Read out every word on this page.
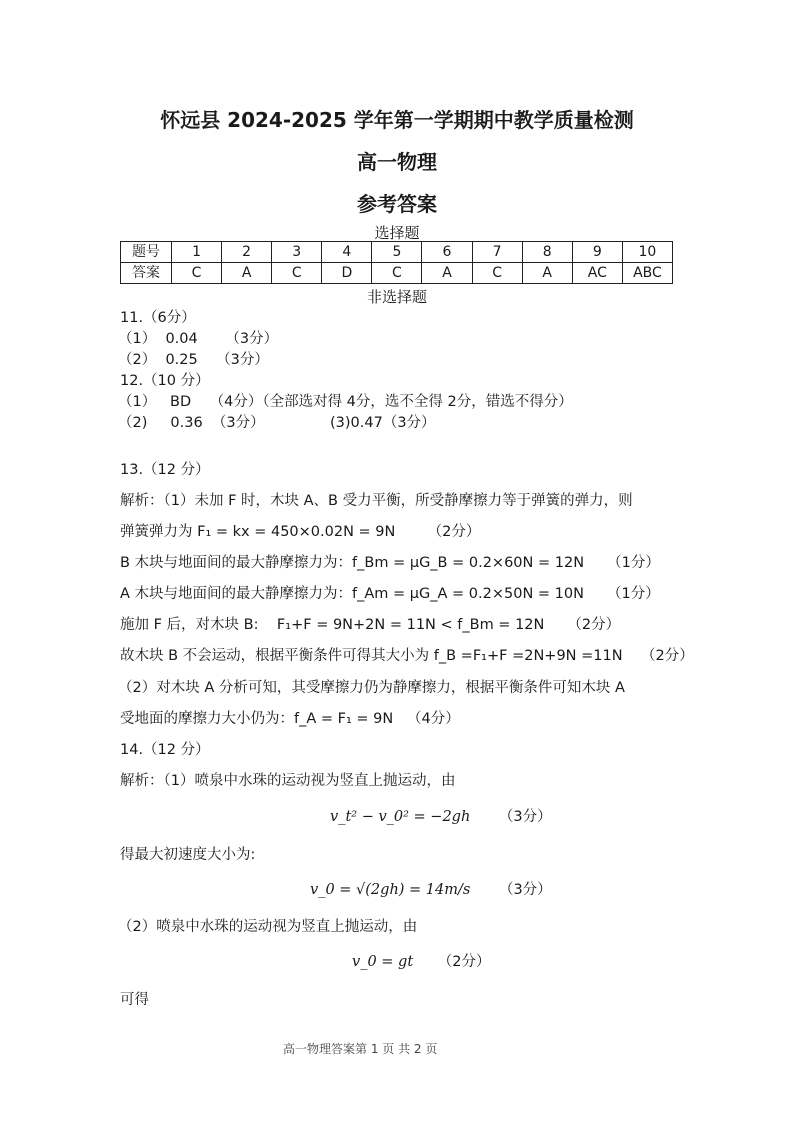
怀远县 2024-2025 学年第一学期期中教学质量检测
高一物理
参考答案
选择题
题号	1	2	3	4	5	6	7	8	9	10
答案	C	A	C	D	C	A	C	A	AC	ABC
非选择题
11.（6分）
（1）  0.04      （3分）
（2）  0.25    （3分）
12.（10 分）
（1）   BD    （4分）（全部选对得 4分，选不全得 2分，错选不得分）
（2)     0.36  （3分）	(3)0.47（3分）
13.（12 分）
解析：（1）未加 F 时，木块 A、B 受力平衡，所受静摩擦力等于弹簧的弹力，则
弹簧弹力为 F₁ = kx = 450×0.02N = 9N       （2分）
B 木块与地面间的最大静摩擦力为：f_Bm = μG_B = 0.2×60N = 12N     （1分）
A 木块与地面间的最大静摩擦力为：f_Am = μG_A = 0.2×50N = 10N     （1分）
施加 F 后，对木块 B:    F₁+F = 9N+2N = 11N < f_Bm = 12N     （2分）
故木块 B 不会运动，根据平衡条件可得其大小为 f_B =F₁+F =2N+9N =11N    （2分）
（2）对木块 A 分析可知，其受摩擦力仍为静摩擦力，根据平衡条件可知木块 A
受地面的摩擦力大小仍为：f_A = F₁ = 9N   （4分）
14.（12 分）
解析：（1）喷泉中水珠的运动视为竖直上抛运动，由
v_t² − v_0² = −2gh （3分）
得最大初速度大小为:
v_0 = √(2gh) = 14m/s （3分）
（2）喷泉中水珠的运动视为竖直上抛运动，由
v_0 = gt （2分）
可得
高一物理答案第 1 页 共 2 页
